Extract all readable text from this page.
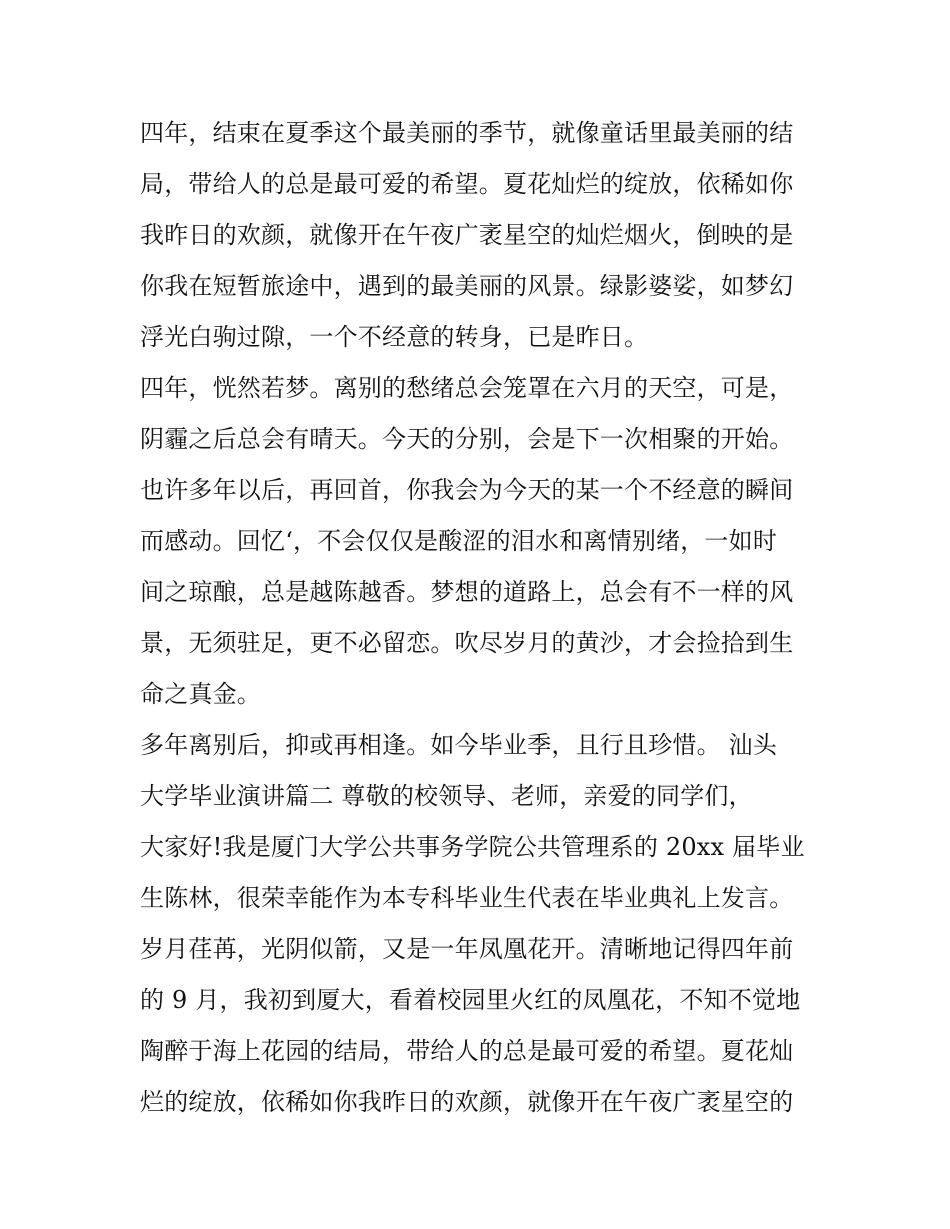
四年，结束在夏季这个最美丽的季节，就像童话里最美丽的结
局，带给人的总是最可爱的希望。夏花灿烂的绽放，依稀如你
我昨日的欢颜，就像开在午夜广袤星空的灿烂烟火，倒映的是
你我在短暂旅途中，遇到的最美丽的风景。绿影婆娑，如梦幻
浮光白驹过隙，一个不经意的转身，已是昨日。
四年，恍然若梦。离别的愁绪总会笼罩在六月的天空，可是，
阴霾之后总会有晴天。今天的分别，会是下一次相聚的开始。
也许多年以后，再回首，你我会为今天的某一个不经意的瞬间
而感动。回忆‘，不会仅仅是酸涩的泪水和离情别绪，一如时
间之琼酿，总是越陈越香。梦想的道路上，总会有不一样的风
景，无须驻足，更不必留恋。吹尽岁月的黄沙，才会捡拾到生
命之真金。
多年离别后，抑或再相逢。如今毕业季，且行且珍惜。 汕头
大学毕业演讲篇二 尊敬的校领导、老师，亲爱的同学们，
大家好!我是厦门大学公共事务学院公共管理系的 20xx 届毕业
生陈林，很荣幸能作为本专科毕业生代表在毕业典礼上发言。
岁月荏苒，光阴似箭，又是一年凤凰花开。清晰地记得四年前
的 9 月，我初到厦大，看着校园里火红的凤凰花，不知不觉地
陶醉于海上花园的结局，带给人的总是最可爱的希望。夏花灿
烂的绽放，依稀如你我昨日的欢颜，就像开在午夜广袤星空的
